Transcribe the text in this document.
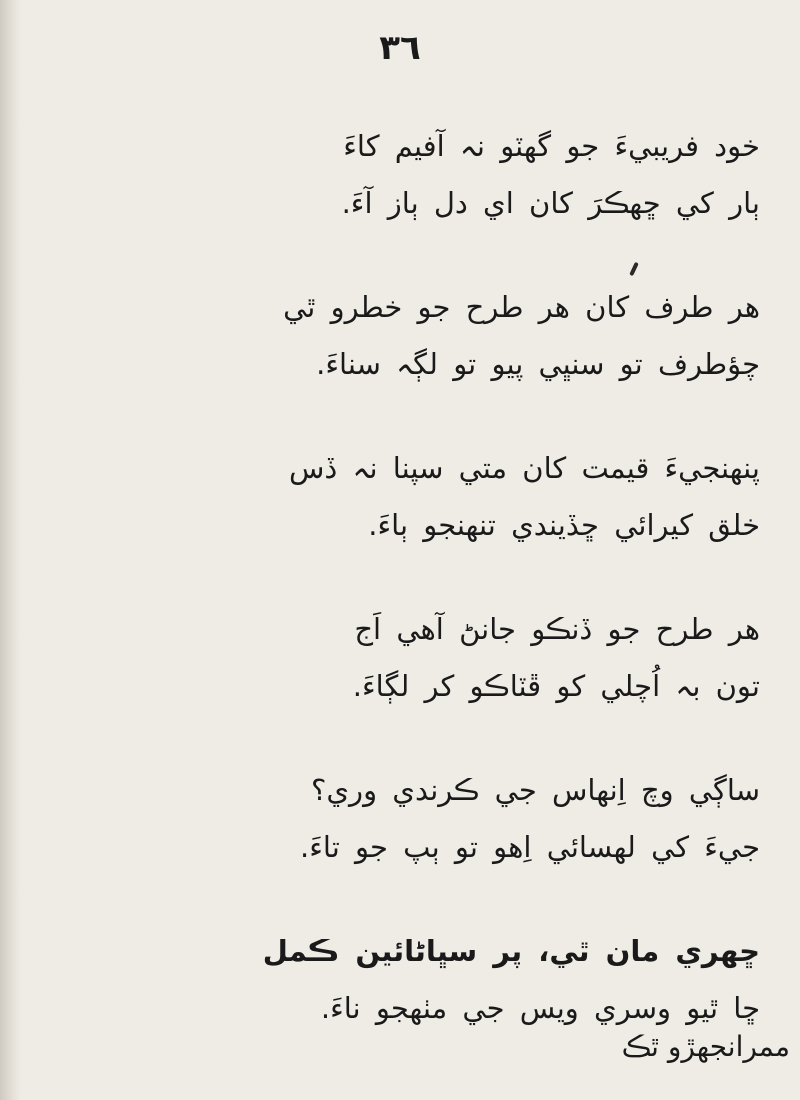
٣٦
خود فريبيءَ جو گهٽو نہ آفيم کاءَ
ٻار کي ڇهڪرَ کان اي دل ٻاز آءَ.
هر طرف کان هر طرح جو خطرو ٿي
چؤطرف تو سنڀي پيو تو لڳہ سناءَ.
پنهنجيءَ قيمت کان متي سپنا نہ ڏس
خلق کيرائي ڇڏيندي تنهنجو ٻاءَ.
هر طرح جو ڏنڪو جانڻ آهي اَج
تون بہ اُچلي کو ڦٽاڪو کر لڳاءَ.
ساڳي وچ اِنهاس جي ڪرندي وري؟
جيءَ کي لهسائي اِهو تو ٻپ جو تاءَ.
ڇهري مان ٿي، پر سڀاڻائين ڪمل
ڇا ٿيو وسري ويس جي مٺهجو ناءَ.
ممرانجهڙو ٿڪ
